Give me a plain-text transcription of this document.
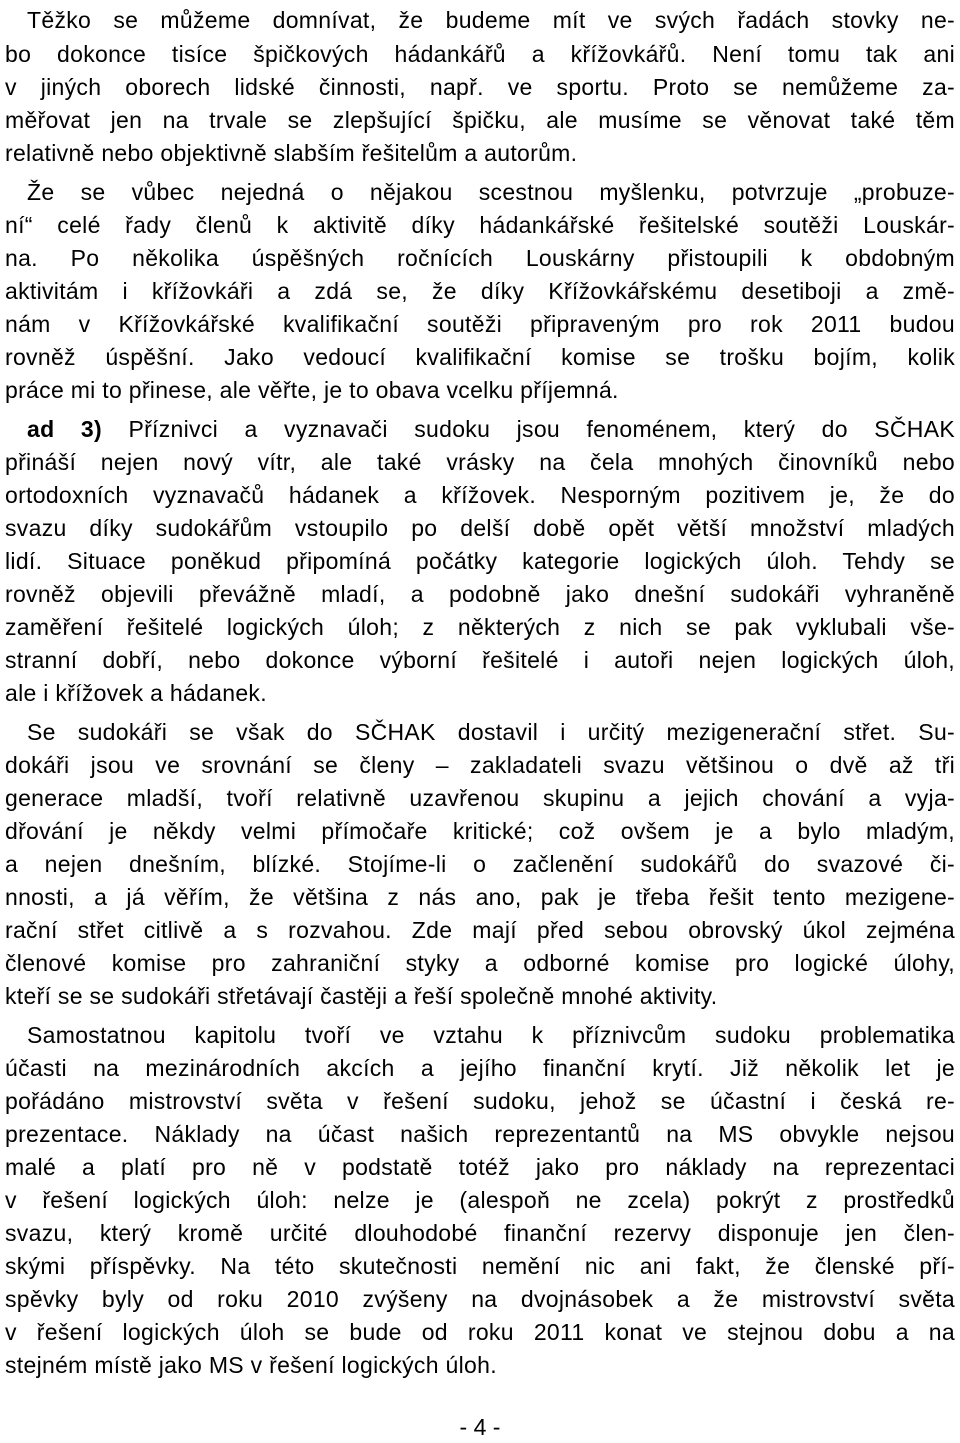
Těžko se můžeme domnívat, že budeme mít ve svých řadách stovky ne-
bo dokonce tisíce špičkových hádankářů a křížovkářů. Není tomu tak ani
v jiných oborech lidské činnosti, např. ve sportu. Proto se nemůžeme za-
měřovat jen na trvale se zlepšující špičku, ale musíme se věnovat také těm
relativně nebo objektivně slabším řešitelům a autorům.
Že se vůbec nejedná o nějakou scestnou myšlenku, potvrzuje „probuze-
ní“ celé řady členů k aktivitě díky hádankářské řešitelské soutěži Louskár-
na. Po několika úspěšných ročnících Louskárny přistoupili k obdobným
aktivitám i křížovkáři a zdá se, že díky Křížovkářskému desetiboji a změ-
nám v Křížovkářské kvalifikační soutěži připraveným pro rok 2011 budou
rovněž úspěšní. Jako vedoucí kvalifikační komise se trošku bojím, kolik
práce mi to přinese, ale věřte, je to obava vcelku příjemná.
ad 3) Příznivci a vyznavači sudoku jsou fenoménem, který do SČHAK
přináší nejen nový vítr, ale také vrásky na čela mnohých činovníků nebo
ortodoxních vyznavačů hádanek a křížovek. Nesporným pozitivem je, že do
svazu díky sudokářům vstoupilo po delší době opět větší množství mladých
lidí. Situace poněkud připomíná počátky kategorie logických úloh. Tehdy se
rovněž objevili převážně mladí, a podobně jako dnešní sudokáři vyhraněně
zaměření řešitelé logických úloh; z některých z nich se pak vyklubali vše-
stranní dobří, nebo dokonce výborní řešitelé i autoři nejen logických úloh,
ale i křížovek a hádanek.
Se sudokáři se však do SČHAK dostavil i určitý mezigenerační střet. Su-
dokáři jsou ve srovnání se členy – zakladateli svazu většinou o dvě až tři
generace mladší, tvoří relativně uzavřenou skupinu a jejich chování a vyja-
dřování je někdy velmi přímočaře kritické; což ovšem je a bylo mladým,
a nejen dnešním, blízké. Stojíme-li o začlenění sudokářů do svazové či-
nnosti, a já věřím, že většina z nás ano, pak je třeba řešit tento mezigene-
rační střet citlivě a s rozvahou. Zde mají před sebou obrovský úkol zejména
členové komise pro zahraniční styky a odborné komise pro logické úlohy,
kteří se se sudokáři střetávají častěji a řeší společně mnohé aktivity.
Samostatnou kapitolu tvoří ve vztahu k příznivcům sudoku problematika
účasti na mezinárodních akcích a jejího finanční krytí. Již několik let je
pořádáno mistrovství světa v řešení sudoku, jehož se účastní i česká re-
prezentace. Náklady na účast našich reprezentantů na MS obvykle nejsou
malé a platí pro ně v podstatě totéž jako pro náklady na reprezentaci
v řešení logických úloh: nelze je (alespoň ne zcela) pokrýt z prostředků
svazu, který kromě určité dlouhodobé finanční rezervy disponuje jen člen-
skými příspěvky. Na této skutečnosti nemění nic ani fakt, že členské pří-
spěvky byly od roku 2010 zvýšeny na dvojnásobek a že mistrovství světa
v řešení logických úloh se bude od roku 2011 konat ve stejnou dobu a na
stejném místě jako MS v řešení logických úloh.
- 4 -
